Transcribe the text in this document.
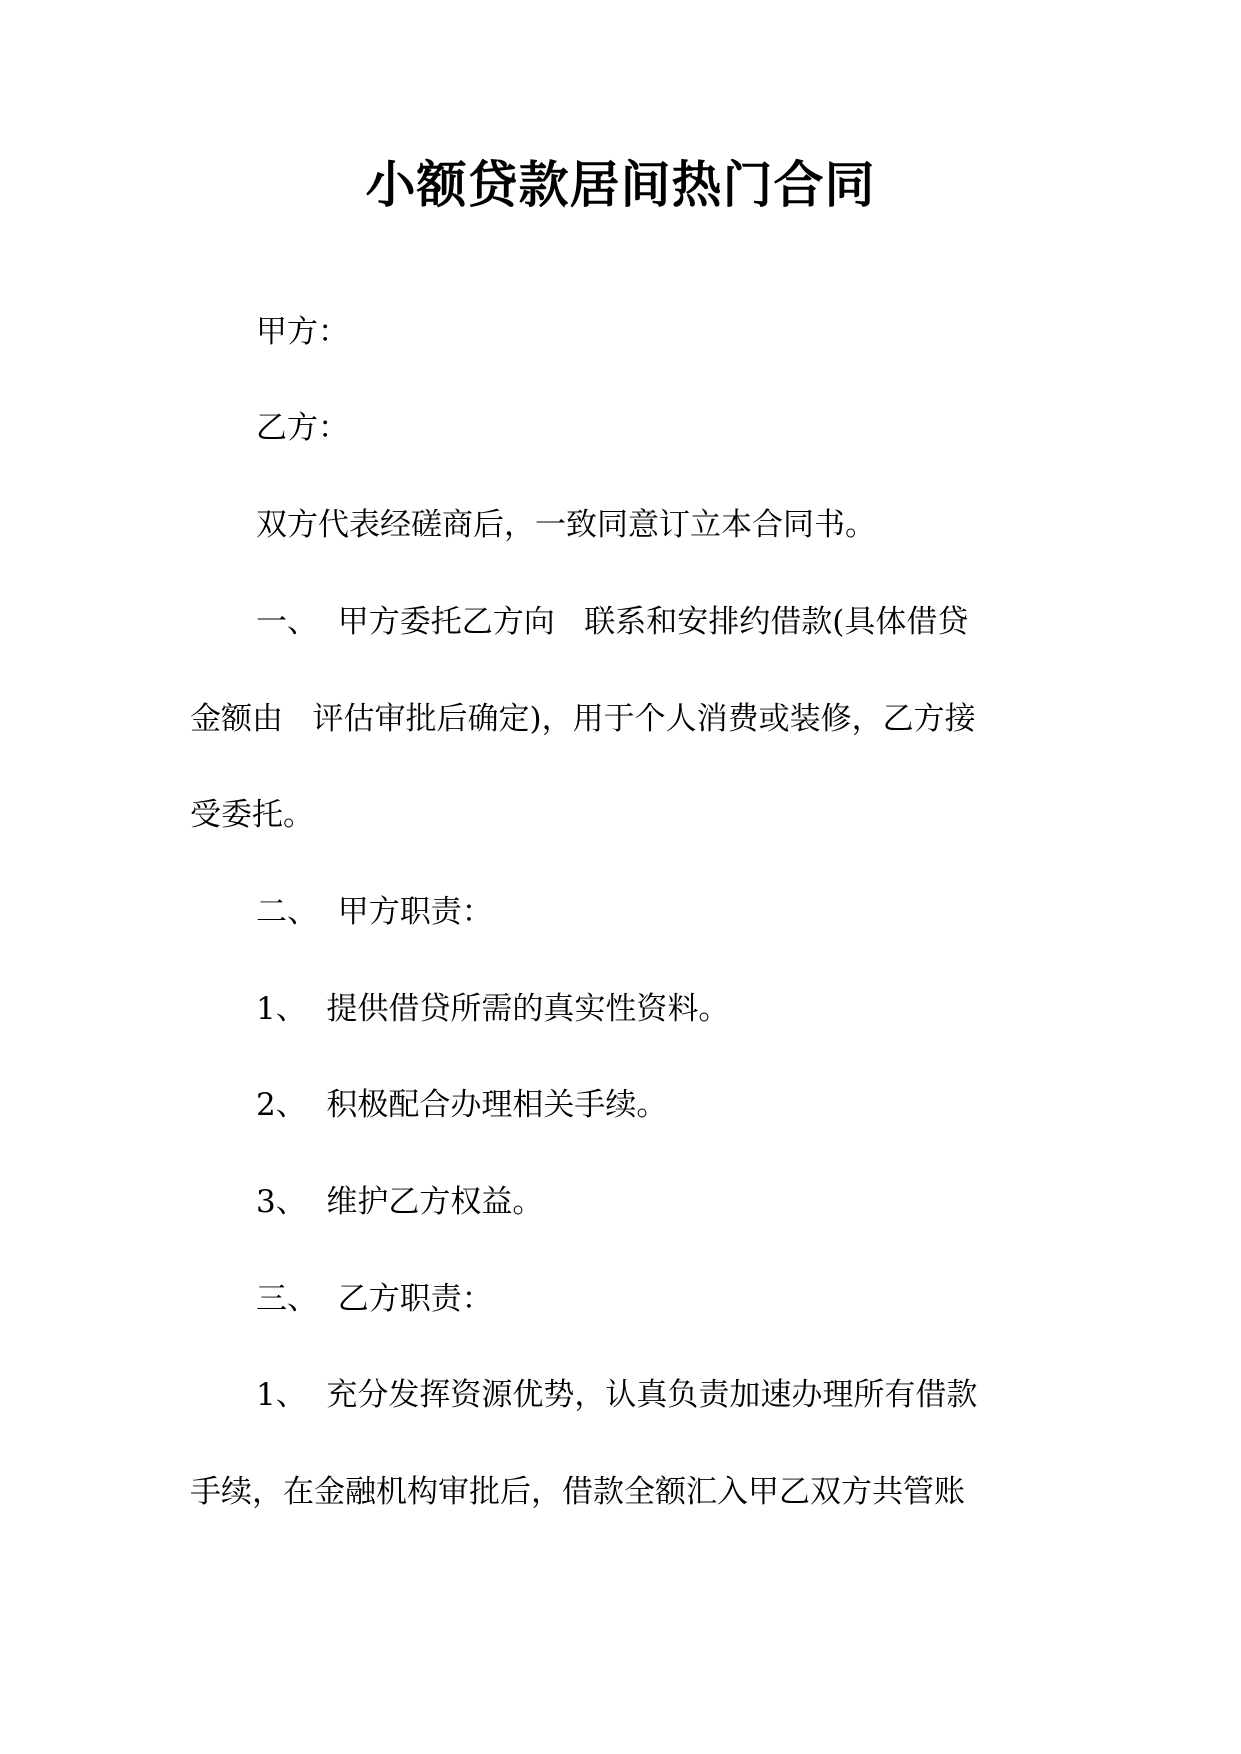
小额贷款居间热门合同

甲方：

乙方：

双方代表经磋商后，一致同意订立本合同书。

一、  甲方委托乙方向   联系和安排约借款(具体借贷

金额由   评估审批后确定)，用于个人消费或装修，乙方接

受委托。

二、  甲方职责：

1、  提供借贷所需的真实性资料。

2、  积极配合办理相关手续。

3、  维护乙方权益。

三、  乙方职责：

1、  充分发挥资源优势，认真负责加速办理所有借款

手续，在金融机构审批后，借款全额汇入甲乙双方共管账
